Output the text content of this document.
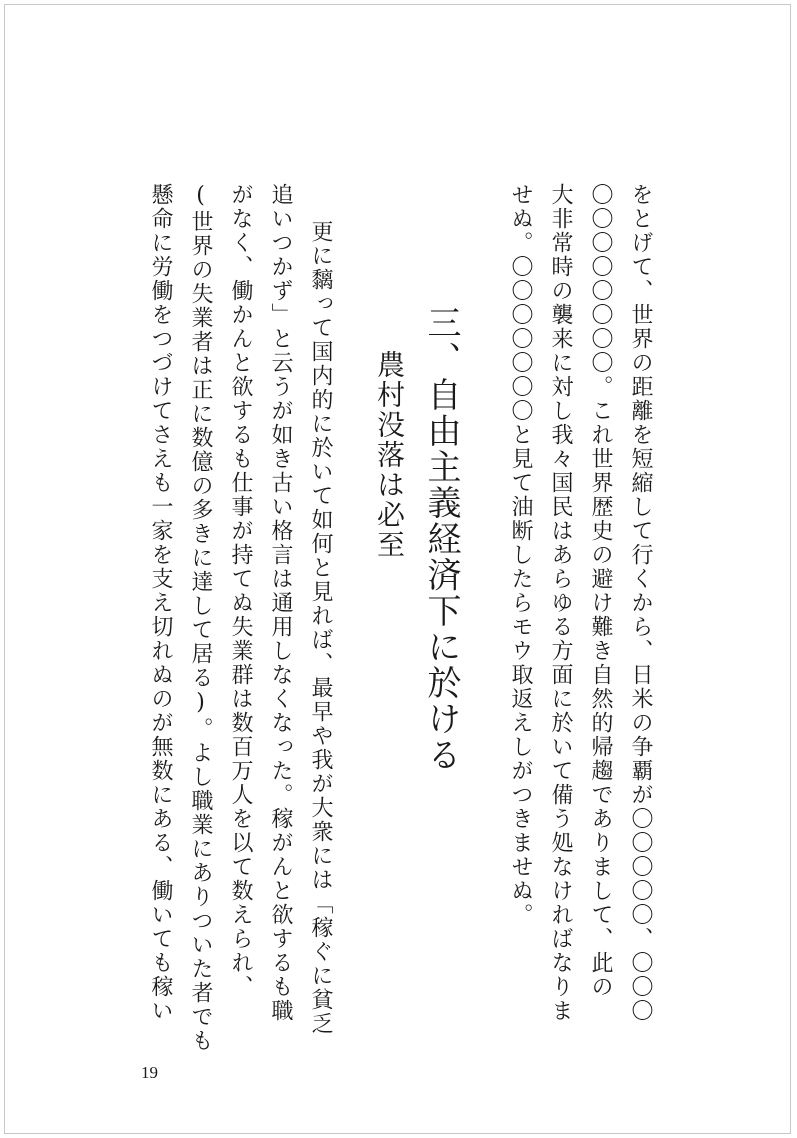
をとげて、世界の距離を短縮して行くから、日米の争覇が〇〇〇〇〇、〇〇〇
〇〇〇〇〇〇〇〇。これ世界歴史の避け難き自然的帰趨でありまして、此の
大非常時の襲来に対し我々国民はあらゆる方面に於いて備う処なければなりま
せぬ。〇〇〇〇〇〇〇と見て油断したらモウ取返えしがつきませぬ。
三、自由主義経済下に於ける
農村没落は必至
更に黐って国内的に於いて如何と見れば、最早や我が大衆には「稼ぐに貧乏
追いつかず」と云うが如き古い格言は通用しなくなった。稼がんと欲するも職
がなく、働かんと欲するも仕事が持てぬ失業群は数百万人を以て数えられ、
(世界の失業者は正に数億の多きに達して居る)。よし職業にありついた者でも
懸命に労働をつづけてさえも一家を支え切れぬのが無数にある、働いても稼い
19
